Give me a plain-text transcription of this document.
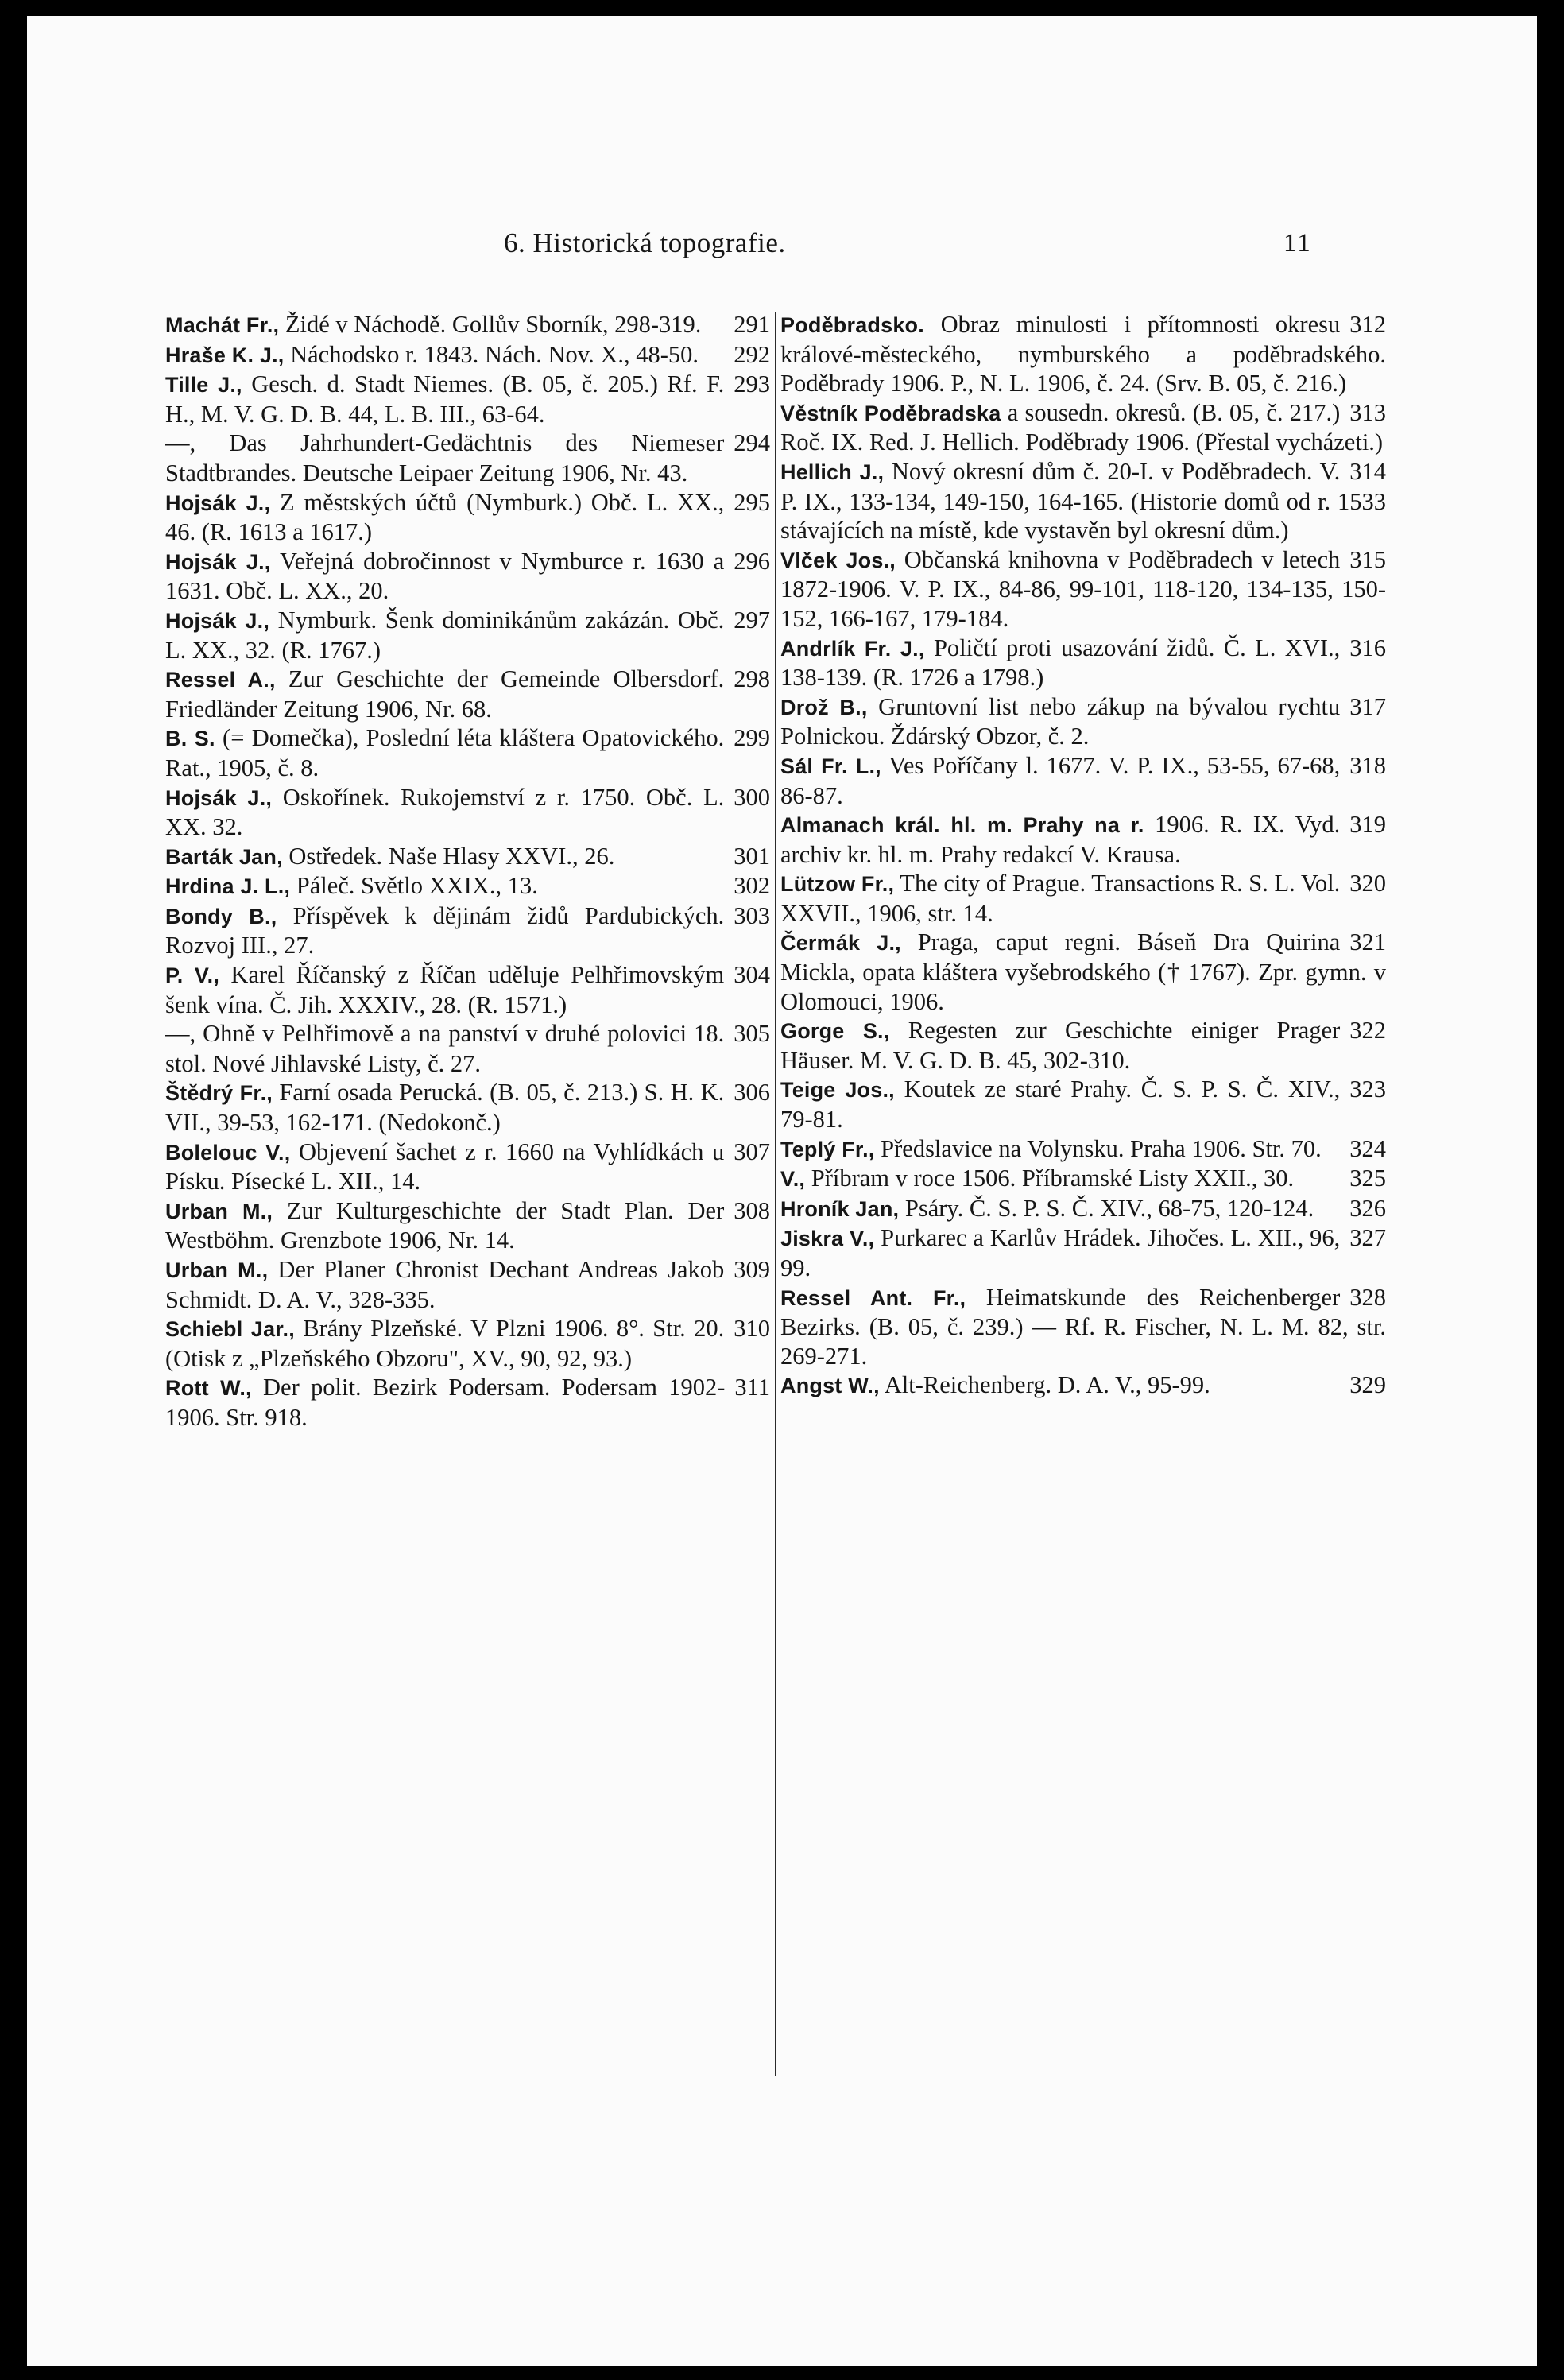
6. Historická topografie.	11
291
Machát Fr., Židé v Náchodě. Gollův Sborník, 298-319.
292
Hraše K. J., Náchodsko r. 1843. Nách. Nov. X., 48-50.
293
Tille J., Gesch. d. Stadt Niemes. (B. 05, č. 205.) Rf. F. H., M. V. G. D. B. 44, L. B. III., 63-64.
294
—, Das Jahrhundert-Gedächtnis des Niemeser Stadtbrandes. Deutsche Leipaer Zeitung 1906, Nr. 43.
295
Hojsák J., Z městských účtů (Nymburk.) Obč. L. XX., 46. (R. 1613 a 1617.)
296
Hojsák J., Veřejná dobročinnost v Nymburce r. 1630 a 1631. Obč. L. XX., 20.
297
Hojsák J., Nymburk. Šenk dominikánům zakázán. Obč. L. XX., 32. (R. 1767.)
298
Ressel A., Zur Geschichte der Gemeinde Olbersdorf. Friedländer Zeitung 1906, Nr. 68.
299
B. S. (= Domečka), Poslední léta kláštera Opatovického. Rat., 1905, č. 8.
300
Hojsák J., Oskořínek. Rukojemství z r. 1750. Obč. L. XX. 32.
301
Barták Jan, Ostředek. Naše Hlasy XXVI., 26.
302
Hrdina J. L., Páleč. Světlo XXIX., 13.
303
Bondy B., Příspěvek k dějinám židů Pardubických. Rozvoj III., 27.
304
P. V., Karel Říčanský z Říčan uděluje Pelhřimovským šenk vína. Č. Jih. XXXIV., 28. (R. 1571.)
305
—, Ohně v Pelhřimově a na panství v druhé polovici 18. stol. Nové Jihlavské Listy, č. 27.
306
Štědrý Fr., Farní osada Perucká. (B. 05, č. 213.) S. H. K. VII., 39-53, 162-171. (Nedokonč.)
307
Bolelouc V., Objevení šachet z r. 1660 na Vyhlídkách u Písku. Písecké L. XII., 14.
308
Urban M., Zur Kulturgeschichte der Stadt Plan. Der Westböhm. Grenzbote 1906, Nr. 14.
309
Urban M., Der Planer Chronist Dechant Andreas Jakob Schmidt. D. A. V., 328-335.
310
Schiebl Jar., Brány Plzeňské. V Plzni 1906. 8°. Str. 20. (Otisk z „Plzeňského Obzoru", XV., 90, 92, 93.)
311
Rott W., Der polit. Bezirk Podersam. Podersam 1902-1906. Str. 918.
312
Poděbradsko. Obraz minulosti i přítomnosti okresu králové-městeckého, nymburského a poděbradského. Poděbrady 1906. P., N. L. 1906, č. 24. (Srv. B. 05, č. 216.)
313
Věstník Poděbradska a sousedn. okresů. (B. 05, č. 217.) Roč. IX. Red. J. Hellich. Poděbrady 1906. (Přestal vycházeti.)
314
Hellich J., Nový okresní dům č. 20-I. v Poděbradech. V. P. IX., 133-134, 149-150, 164-165. (Historie domů od r. 1533 stávajících na místě, kde vystavěn byl okresní dům.)
315
Vlček Jos., Občanská knihovna v Poděbradech v letech 1872-1906. V. P. IX., 84-86, 99-101, 118-120, 134-135, 150-152, 166-167, 179-184.
316
Andrlík Fr. J., Poličtí proti usazování židů. Č. L. XVI., 138-139. (R. 1726 a 1798.)
317
Drož B., Gruntovní list nebo zákup na bývalou rychtu Polnickou. Ždárský Obzor, č. 2.
318
Sál Fr. L., Ves Poříčany l. 1677. V. P. IX., 53-55, 67-68, 86-87.
319
Almanach král. hl. m. Prahy na r. 1906. R. IX. Vyd. archiv kr. hl. m. Prahy redakcí V. Krausa.
320
Lützow Fr., The city of Prague. Transactions R. S. L. Vol. XXVII., 1906, str. 14.
321
Čermák J., Praga, caput regni. Báseň Dra Quirina Mickla, opata kláštera vyšebrodského († 1767). Zpr. gymn. v Olomouci, 1906.
322
Gorge S., Regesten zur Geschichte einiger Prager Häuser. M. V. G. D. B. 45, 302-310.
323
Teige Jos., Koutek ze staré Prahy. Č. S. P. S. Č. XIV., 79-81.
324
Teplý Fr., Předslavice na Volynsku. Praha 1906. Str. 70.
325
V., Příbram v roce 1506. Příbramské Listy XXII., 30.
326
Hroník Jan, Psáry. Č. S. P. S. Č. XIV., 68-75, 120-124.
327
Jiskra V., Purkarec a Karlův Hrádek. Jihočes. L. XII., 96, 99.
328
Ressel Ant. Fr., Heimatskunde des Reichenberger Bezirks. (B. 05, č. 239.) — Rf. R. Fischer, N. L. M. 82, str. 269-271.
329
Angst W., Alt-Reichenberg. D. A. V., 95-99.
